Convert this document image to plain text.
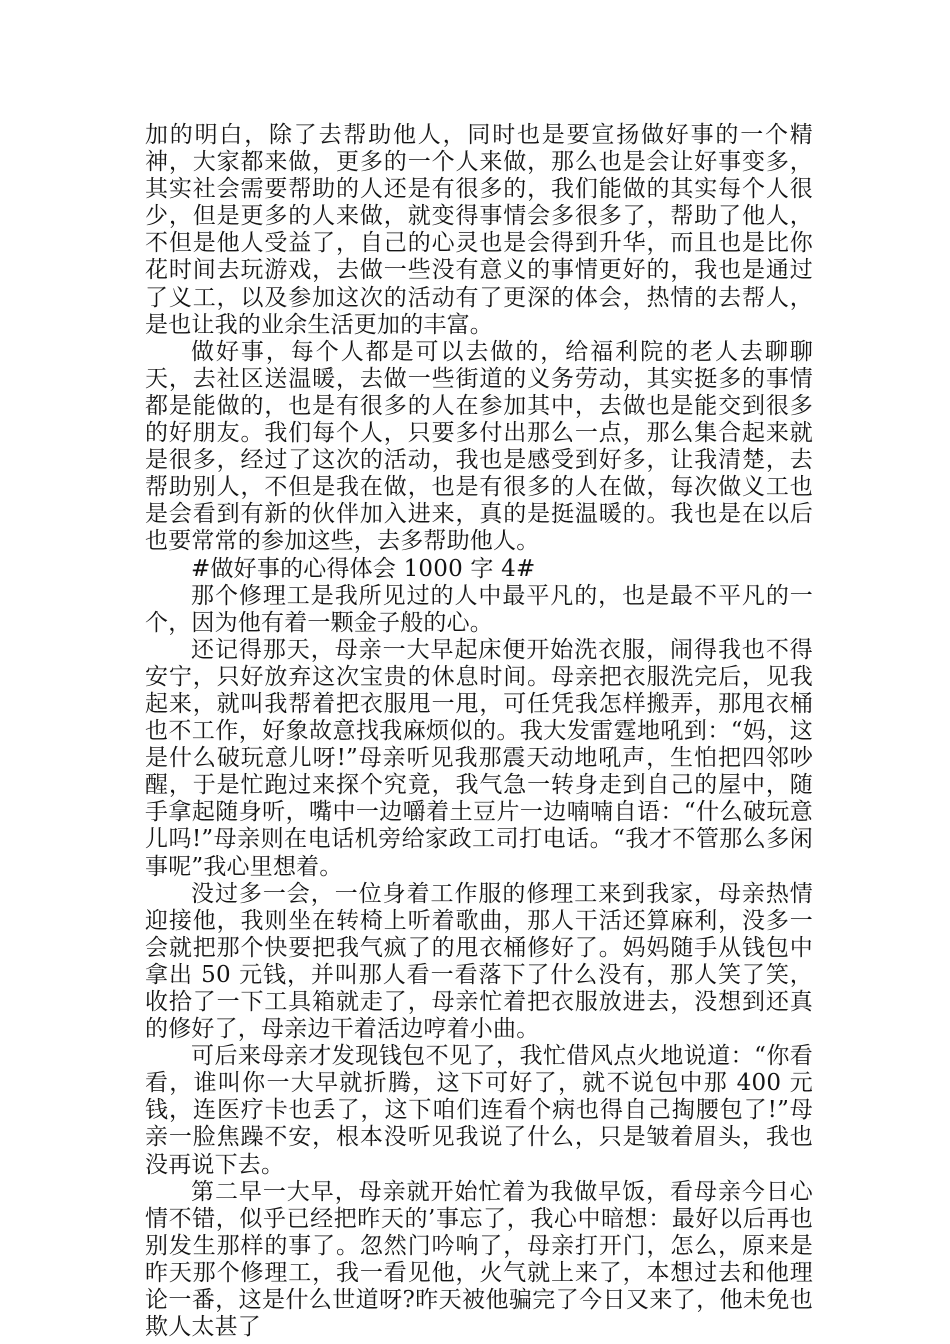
加的明白，除了去帮助他人，同时也是要宣扬做好事的一个精神，大家都来做，更多的一个人来做，那么也是会让好事变多，其实社会需要帮助的人还是有很多的，我们能做的其实每个人很少，但是更多的人来做，就变得事情会多很多了，帮助了他人，不但是他人受益了，自己的心灵也是会得到升华，而且也是比你花时间去玩游戏，去做一些没有意义的事情更好的，我也是通过了义工，以及参加这次的活动有了更深的体会，热情的去帮人，是也让我的业余生活更加的丰富。

做好事，每个人都是可以去做的，给福利院的老人去聊聊天，去社区送温暖，去做一些街道的义务劳动，其实挺多的事情都是能做的，也是有很多的人在参加其中，去做也是能交到很多的好朋友。我们每个人，只要多付出那么一点，那么集合起来就是很多，经过了这次的活动，我也是感受到好多，让我清楚，去帮助别人，不但是我在做，也是有很多的人在做，每次做义工也是会看到有新的伙伴加入进来，真的是挺温暖的。我也是在以后也要常常的参加这些，去多帮助他人。

#做好事的心得体会 1000 字 4#

那个修理工是我所见过的人中最平凡的，也是最不平凡的一个，因为他有着一颗金子般的心。

还记得那天，母亲一大早起床便开始洗衣服，闹得我也不得安宁，只好放弃这次宝贵的休息时间。母亲把衣服洗完后，见我起来，就叫我帮着把衣服甩一甩，可任凭我怎样搬弄，那甩衣桶也不工作，好象故意找我麻烦似的。我大发雷霆地吼到：“妈，这是什么破玩意儿呀!”母亲听见我那震天动地吼声，生怕把四邻吵醒，于是忙跑过来探个究竟，我气急一转身走到自己的屋中，随手拿起随身听，嘴中一边嚼着土豆片一边喃喃自语：“什么破玩意儿吗!”母亲则在电话机旁给家政工司打电话。“我才不管那么多闲事呢”我心里想着。

没过多一会，一位身着工作服的修理工来到我家，母亲热情迎接他，我则坐在转椅上听着歌曲，那人干活还算麻利，没多一会就把那个快要把我气疯了的甩衣桶修好了。妈妈随手从钱包中拿出 50 元钱，并叫那人看一看落下了什么没有，那人笑了笑，收拾了一下工具箱就走了，母亲忙着把衣服放进去，没想到还真的修好了，母亲边干着活边哼着小曲。

可后来母亲才发现钱包不见了，我忙借风点火地说道：“你看看，谁叫你一大早就折腾，这下可好了，就不说包中那 400 元钱，连医疗卡也丢了，这下咱们连看个病也得自己掏腰包了!”母亲一脸焦躁不安，根本没听见我说了什么，只是皱着眉头，我也没再说下去。

第二早一大早，母亲就开始忙着为我做早饭，看母亲今日心情不错，似乎已经把昨天的’事忘了，我心中暗想：最好以后再也别发生那样的事了。忽然门吟响了，母亲打开门，怎么，原来是昨天那个修理工，我一看见他，火气就上来了，本想过去和他理论一番，这是什么世道呀?昨天被他骗完了今日又来了，他未免也欺人太甚了
